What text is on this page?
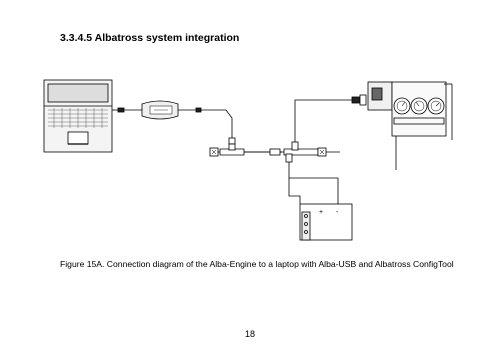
3.3.4.5 Albatross system integration
+ -
Figure 15A. Connection diagram of the Alba-Engine to a laptop with Alba-USB and Albatross ConfigTool
18
